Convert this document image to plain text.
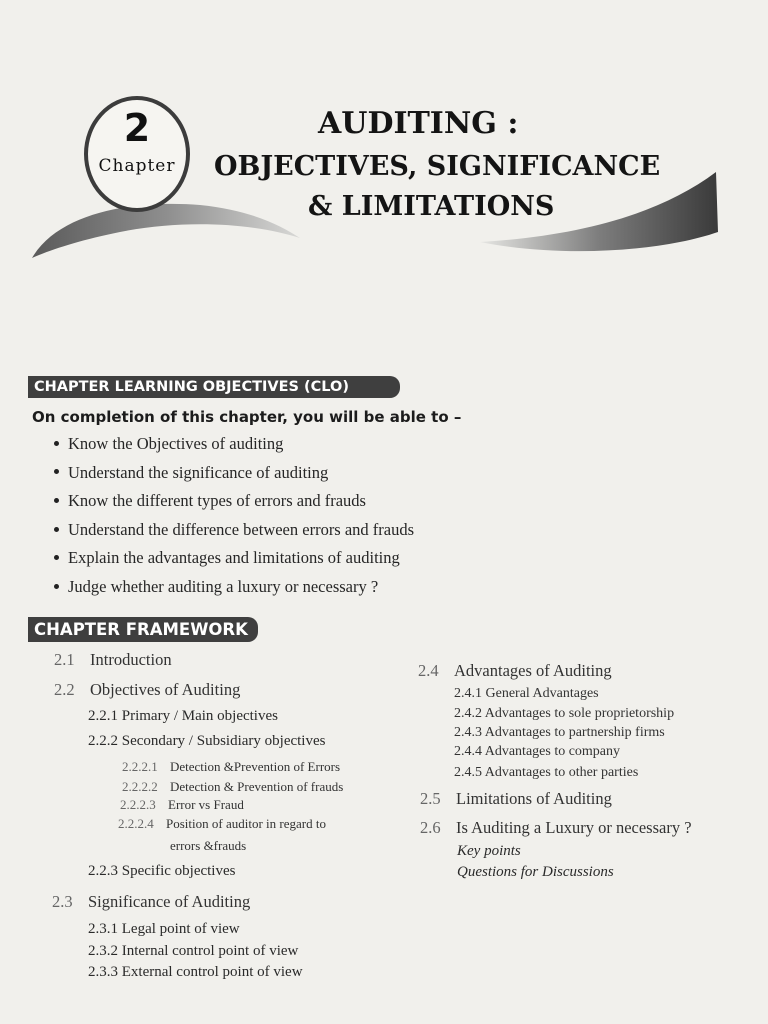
2
Chapter
AUDITING :
OBJECTIVES, SIGNIFICANCE
& LIMITATIONS
CHAPTER LEARNING OBJECTIVES (CLO)
On completion of this chapter, you will be able to –
Know the Objectives of auditing
Understand the significance of auditing
Know the different types of errors and frauds
Understand the difference between errors and frauds
Explain the advantages and limitations of auditing
Judge whether auditing a luxury or necessary ?
CHAPTER FRAMEWORK
2.1 Introduction
2.2 Objectives of Auditing
2.2.1 Primary / Main objectives
2.2.2 Secondary / Subsidiary objectives
2.2.2.1 Detection &Prevention of Errors
2.2.2.2 Detection & Prevention of frauds
2.2.2.3 Error vs Fraud
2.2.2.4 Position of auditor in regard to
errors &frauds
2.2.3 Specific objectives
2.3 Significance of Auditing
2.3.1 Legal point of view
2.3.2 Internal control point of view
2.3.3 External control point of view
2.4 Advantages of Auditing
2.4.1 General Advantages
2.4.2 Advantages to sole proprietorship
2.4.3 Advantages to partnership firms
2.4.4 Advantages to company
2.4.5 Advantages to other parties
2.5 Limitations of Auditing
2.6 Is Auditing a Luxury or necessary ?
Key points
Questions for Discussions
